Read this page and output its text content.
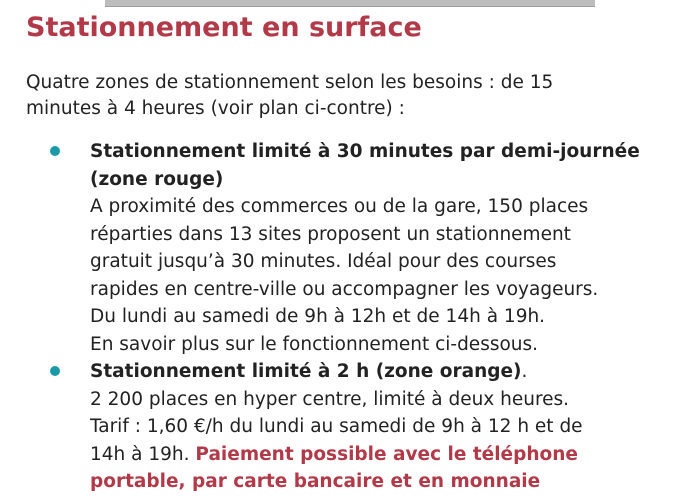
Stationnement en surface

Quatre zones de stationnement selon les besoins : de 15
minutes à 4 heures (voir plan ci-contre) :

Stationnement limité à 30 minutes par demi-journée
(zone rouge)
A proximité des commerces ou de la gare, 150 places
réparties dans 13 sites proposent un stationnement
gratuit jusqu’à 30 minutes. Idéal pour des courses
rapides en centre-ville ou accompagner les voyageurs.
Du lundi au samedi de 9h à 12h et de 14h à 19h.
En savoir plus sur le fonctionnement ci-dessous.
Stationnement limité à 2 h (zone orange).
2 200 places en hyper centre, limité à deux heures.
Tarif : 1,60 €/h du lundi au samedi de 9h à 12 h et de
14h à 19h. Paiement possible avec le téléphone
portable, par carte bancaire et en monnaie
